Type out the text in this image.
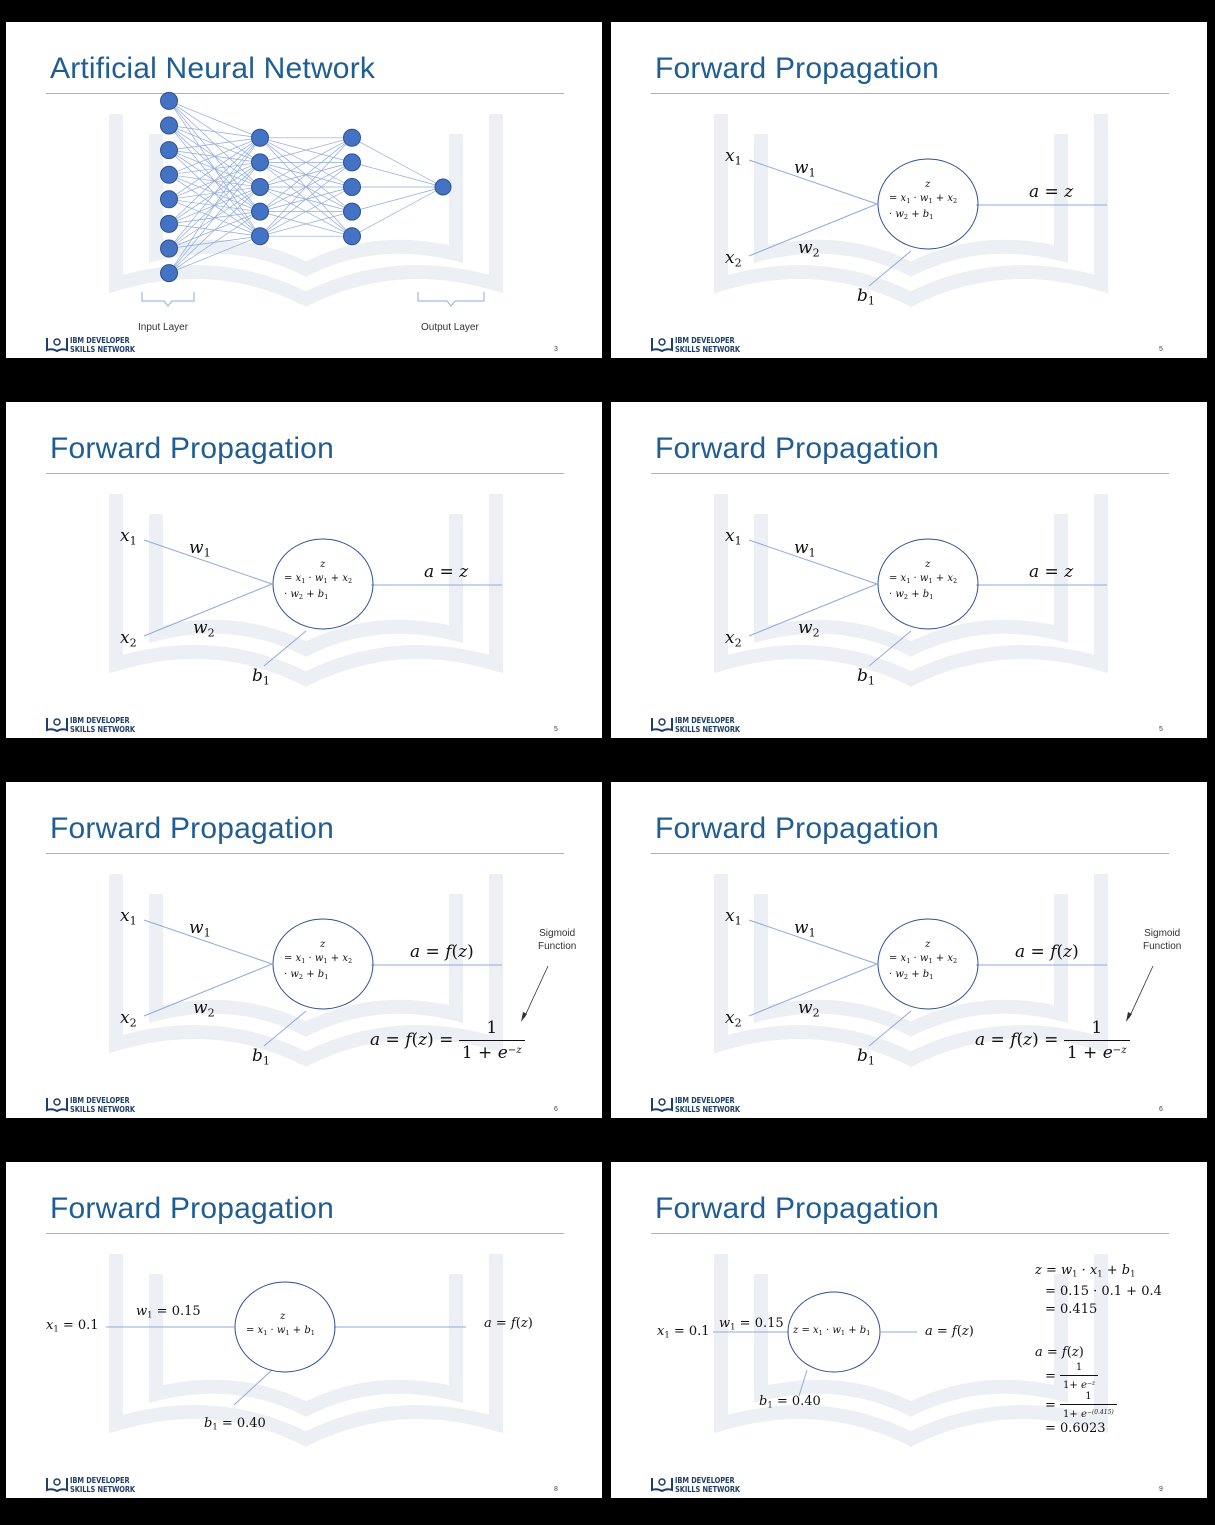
Artificial Neural Network
Input Layer	Output Layer
IBM DEVELOPER
SKILLS NETWORK	3
Forward Propagation
$x_1$	$w_1$
$x_2$
$w_2$
$b_1$
z
= $x_1 \cdot w_1 + x_2$
· $w_2 + b_1$
a = z
IBM DEVELOPER
SKILLS NETWORK	5
Forward Propagation
$x_1$	$w_1$
$x_2$
$w_2$
$b_1$
z
= $x_1 \cdot w_1 + x_2$
· $w_2 + b_1$
a = z
IBM DEVELOPER
SKILLS NETWORK	5
Forward Propagation
$x_1$	$w_1$
$x_2$
$w_2$
$b_1$
z
= $x_1 \cdot w_1 + x_2$
· $w_2 + b_1$
a = z
IBM DEVELOPER
SKILLS NETWORK	5
Forward Propagation
$x_1$	$w_1$
$x_2$
$w_2$
$b_1$
z
= $x_1 \cdot w_1 + x_2$
· $w_2 + b_1$
a = f(z)
Sigmoid
Function
$a = f(z) = \frac{1}{1 + e^{-z}}$
IBM DEVELOPER
SKILLS NETWORK	6
Forward Propagation
$x_1$	$w_1$
$x_2$
$w_2$
$b_1$
z
= $x_1 \cdot w_1 + x_2$
· $w_2 + b_1$
a = f(z)
Sigmoid
Function
$a = f(z) = \frac{1}{1 + e^{-z}}$
IBM DEVELOPER
SKILLS NETWORK	6
Forward Propagation
$x_1 = 0.1$
$w_1 = 0.15$	z
= $x_1 \cdot w_1 + b_1$
a = f(z)
$b_1 = 0.40$
IBM DEVELOPER
SKILLS NETWORK	8
Forward Propagation
$x_1 = 0.1$
$w_1 = 0.15$ $z = x_1 \cdot w_1 + b_1$	a = f(z)
$b_1 = 0.40$
$z = w_1 \cdot x_1 + b_1$
= 0.15 · 0.1 + 0.4
= 0.415
a = f(z)
= $\frac{1}{1+ e^{-z}}$

= $\frac{1}{1+ e^{-(0.415)}}$

= 0.6023
IBM DEVELOPER
SKILLS NETWORK	9
